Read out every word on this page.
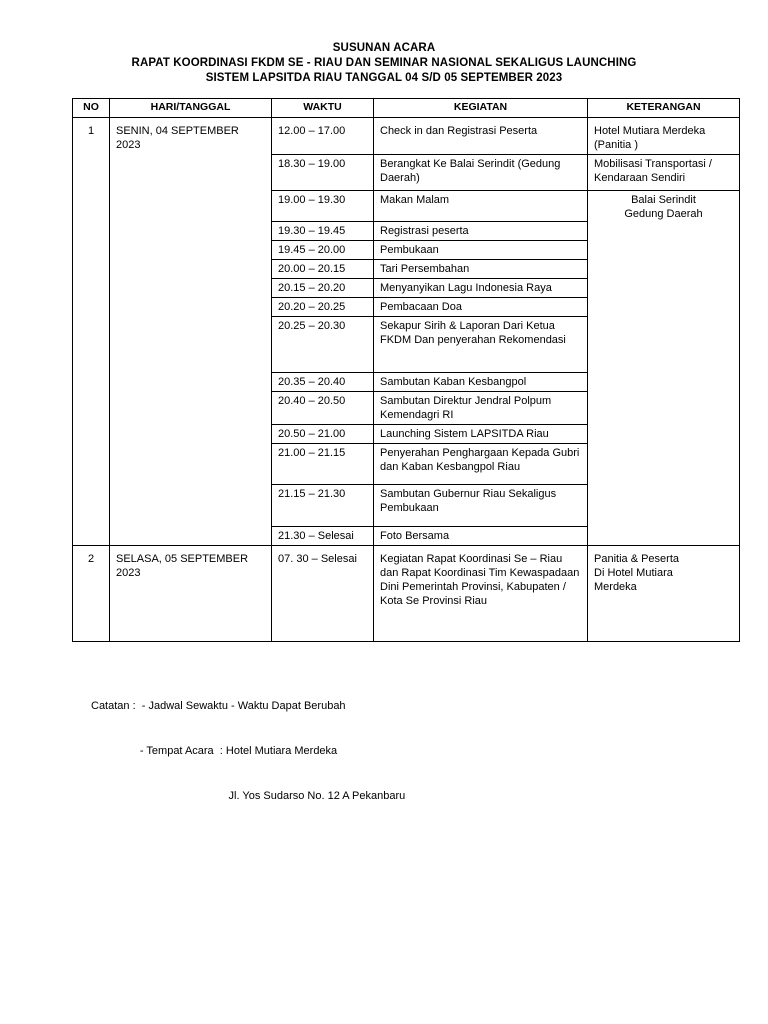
SUSUNAN ACARA
RAPAT KOORDINASI FKDM SE - RIAU DAN SEMINAR NASIONAL SEKALIGUS LAUNCHING
SISTEM LAPSITDA RIAU TANGGAL 04 S/D 05 SEPTEMBER 2023
NO	HARI/TANGGAL	WAKTU	KEGIATAN	KETERANGAN
1	SENIN, 04 SEPTEMBER 2023	12.00 – 17.00	Check in dan Registrasi Peserta	Hotel Mutiara Merdeka (Panitia )
		18.30 – 19.00	Berangkat Ke Balai Serindit (Gedung Daerah)	Mobilisasi Transportasi / Kendaraan Sendiri
		19.00 – 19.30	Makan Malam	Balai Serindit
Gedung Daerah

		19.30 – 19.45	Registrasi peserta	
		19.45 – 20.00	Pembukaan	
		20.00 – 20.15	Tari Persembahan	
		20.15 – 20.20	Menyanyikan Lagu Indonesia Raya	
		20.20 – 20.25	Pembacaan Doa	
		20.25 – 20.30	Sekapur Sirih & Laporan Dari Ketua FKDM Dan penyerahan Rekomendasi	
		20.35 – 20.40	Sambutan Kaban Kesbangpol	
		20.40 – 20.50	Sambutan Direktur Jendral Polpum Kemendagri RI	
		20.50 – 21.00	Launching Sistem LAPSITDA Riau	
		21.00 – 21.15	Penyerahan Penghargaan Kepada Gubri dan Kaban Kesbangpol Riau	
		21.15 – 21.30	Sambutan Gubernur Riau Sekaligus Pembukaan	
		21.30 – Selesai	Foto Bersama	
2	SELASA, 05 SEPTEMBER 2023	07. 30 – Selesai	Kegiatan Rapat Koordinasi Se – Riau dan Rapat Koordinasi Tim Kewaspadaan Dini Pemerintah Provinsi, Kabupaten / Kota Se Provinsi Riau	Panitia & Peserta
Di Hotel Mutiara
Merdeka

Catatan :  - Jadwal Sewaktu - Waktu Dapat Berubah

- Tempat Acara  : Hotel Mutiara Merdeka

Jl. Yos Sudarso No. 12 A Pekanbaru
